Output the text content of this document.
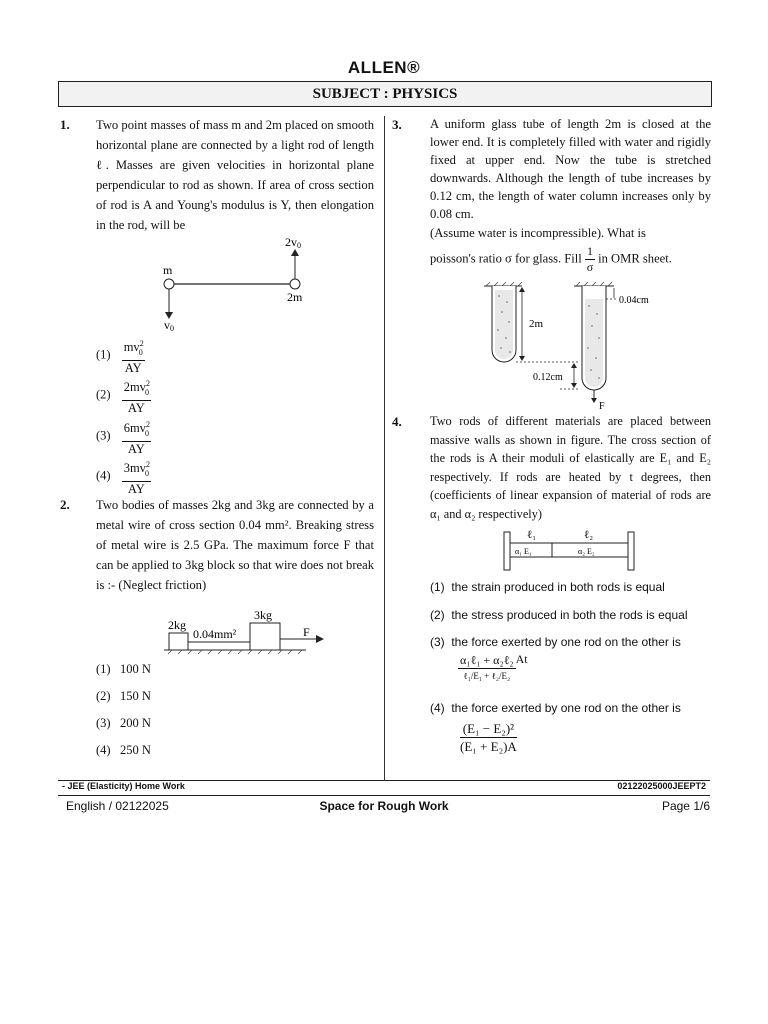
ALLEN®
SUBJECT : PHYSICS
1. Two point masses of mass m and 2m placed on smooth horizontal plane are connected by a light rod of length ℓ. Masses are given velocities in horizontal plane perpendicular to rod as shown. If area of cross section of rod is A and Young's modulus is Y, then elongation in the rod, will be
m
2m
v0
2v0
$(1) \frac{mv^2_0}{AY}$
$(2) \frac{2mv^2_0}{AY}$
$(3) \frac{6mv^2_0}{AY}$
$(4) \frac{3mv^2_0}{AY}$
2. Two bodies of masses 2kg and 3kg are connected by a metal wire of cross section 0.04 mm². Breaking stress of metal wire is 2.5 GPa. The maximum force F that can be applied to 3kg block so that wire does not break is :- (Neglect friction)
2kg
3kg
0.04mm²	F
(1) 100 N
(2) 150 N
(3) 200 N
(4) 250 N
3. A uniform glass tube of length 2m is closed at the lower end. It is completely filled with water and rigidly fixed at upper end. Now the tube is stretched downwards. Although the length of tube increases by 0.12 cm, the length of water column increases only by 0.08 cm.
(Assume water is incompressible). What is
poisson's ratio σ for glass. Fill $\frac{1}{\sigma}$ in OMR sheet.
2m
0.04cm
0.12cm
F
4. Two rods of different materials are placed between massive walls as shown in figure. The cross section of the rods is A their moduli of elastically are E₁ and E₂ respectively. If rods are heated by t degrees, then (coefficients of linear expansion of material of rods are α₁ and α₂ respectively)
ℓ₁	ℓ₂
α₁ E₁	α₂ E₂
(1) the strain produced in both rods is equal
(2) the stress produced in both the rods is equal
(3) the force exerted by one rod on the other is
$\frac{\text{α₁ℓ₁ + α₂ℓ₂}}{\text{ℓ₁/E₁ + ℓ₂/E₂}}$ At
(4) the force exerted by one rod on the other is
$\frac{\text{(E₁ − E₂)²}}{\text{(E₁ + E₂)A}}$
- JEE (Elasticity) Home Work	02122025000JEEPT2
English / 02122025	Space for Rough Work	Page 1/6
